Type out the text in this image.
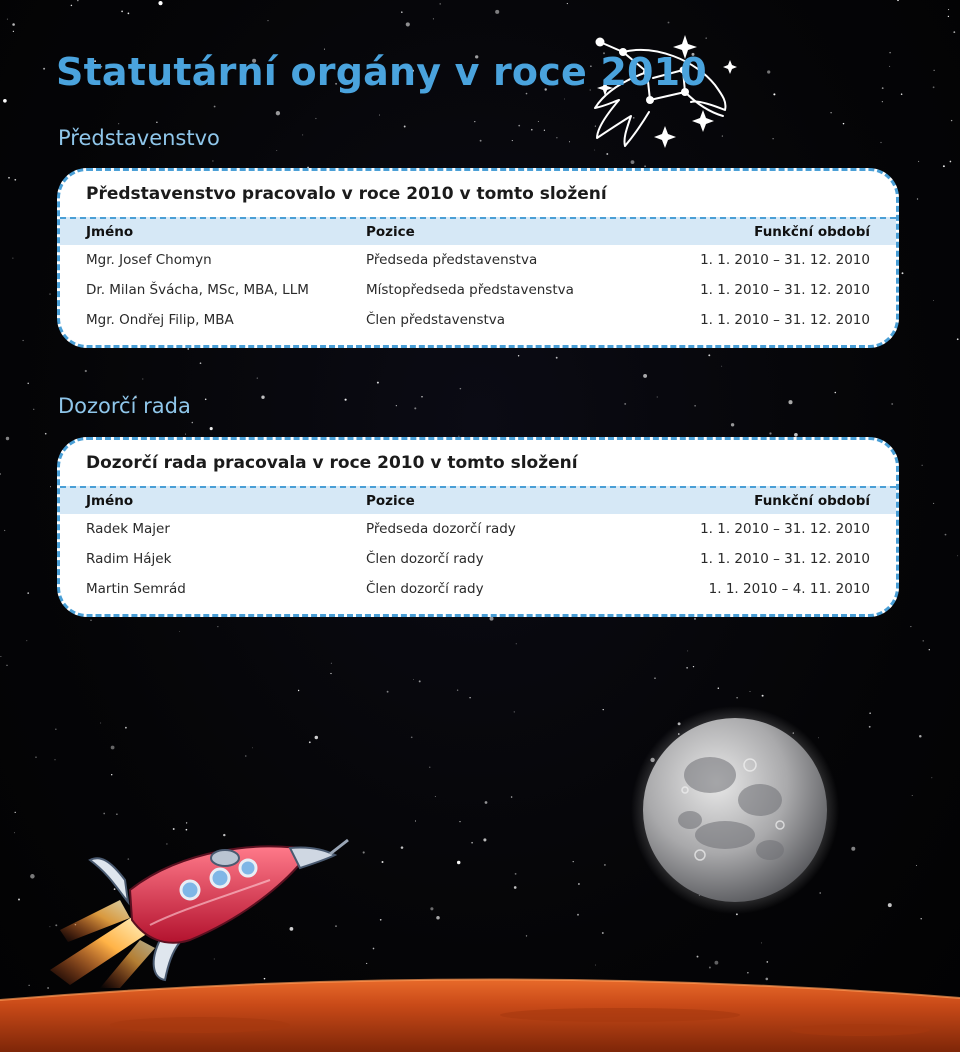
Statutární orgány v roce 2010
Představenstvo
Představenstvo pracovalo v roce 2010 v tomto složení
Jméno	Pozice	Funkční období
Mgr. Josef Chomyn	Předseda představenstva	1. 1. 2010 – 31. 12. 2010
Dr. Milan Švácha, MSc, MBA, LLM	Místopředseda představenstva	1. 1. 2010 – 31. 12. 2010
Mgr. Ondřej Filip, MBA	Člen představenstva	1. 1. 2010 – 31. 12. 2010
Dozorčí rada
Dozorčí rada pracovala v roce 2010 v tomto složení
Jméno	Pozice	Funkční období
Radek Majer	Předseda dozorčí rady	1. 1. 2010 – 31. 12. 2010
Radim Hájek	Člen dozorčí rady	1. 1. 2010 – 31. 12. 2010
Martin Semrád	Člen dozorčí rady	1. 1. 2010 – 4. 11. 2010
